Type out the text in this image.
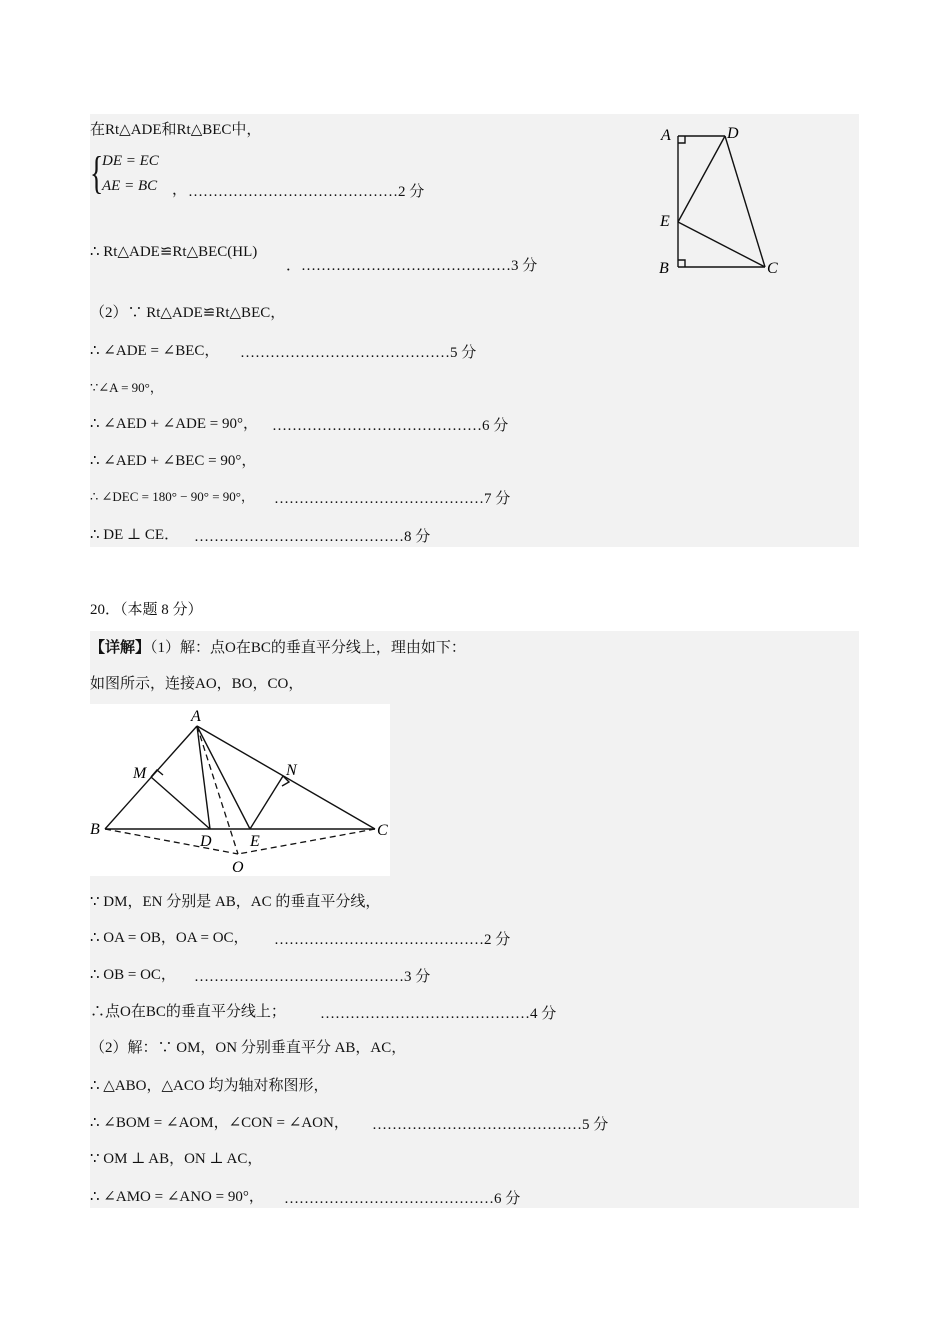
在Rt△ADE和Rt△BEC中，
{
DE = EC
AE = BC ， ……………………………………2 分
∴ Rt△ADE≌Rt△BEC(HL)
．……………………………………3 分
（2）∵ Rt△ADE≌Rt△BEC，
∴ ∠ADE = ∠BEC， ……………………………………5 分
∵∠A = 90°，
∴ ∠AED + ∠ADE = 90°， ……………………………………6 分
∴ ∠AED + ∠BEC = 90°，
∴ ∠DEC = 180° − 90° = 90°， ……………………………………7 分
∴ DE ⊥ CE． ……………………………………8 分
A	D
E
B	C
20．（本题 8 分）
【详解】（1）解：点O在BC的垂直平分线上，理由如下：
如图所示，连接AO，BO，CO，
A
M	N
B
D E
C
O
∵ DM，EN 分别是 AB，AC 的垂直平分线，
∴ OA = OB，OA = OC， ……………………………………2 分
∴ OB = OC， ……………………………………3 分
∴点O在BC的垂直平分线上； ……………………………………4 分
（2）解：∵ OM，ON 分别垂直平分 AB，AC，
∴ △ABO，△ACO 均为轴对称图形，
∴ ∠BOM = ∠AOM，∠CON = ∠AON， ……………………………………5 分
∵ OM ⊥ AB，ON ⊥ AC，
∴ ∠AMO = ∠ANO = 90°， ……………………………………6 分
